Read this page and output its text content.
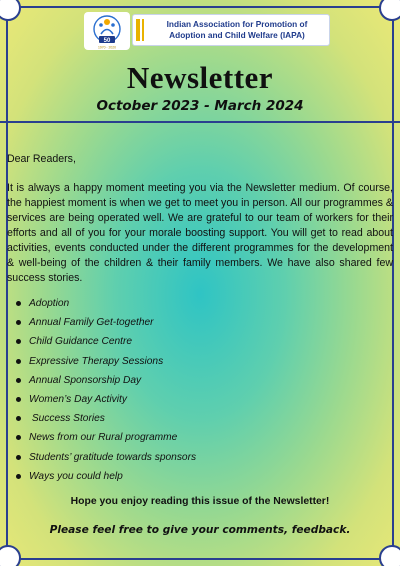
50
1970 - 2020
Indian Association for Promotion of
Adoption and Child Welfare (IAPA)
Newsletter
October 2023 - March 2024

Dear Readers,

It is always a happy moment meeting you via the Newsletter medium. Of course, the happiest moment is when we get to meet you in person. All our programmes & services are being operated well. We are grateful to our team of workers for their efforts and all of you for your morale boosting support. You will get to read about activities, events conducted under the different programmes for the development & well-being of the children & their family members. We have also shared few success stories.

Adoption
Annual Family Get-together
Child Guidance Centre
Expressive Therapy Sessions
Annual Sponsorship Day
Women’s Day Activity
Success Stories
News from our Rural programme
Students’ gratitude towards sponsors
Ways you could help
Hope you enjoy reading this issue of the Newsletter!
Please feel free to give your comments, feedback.
